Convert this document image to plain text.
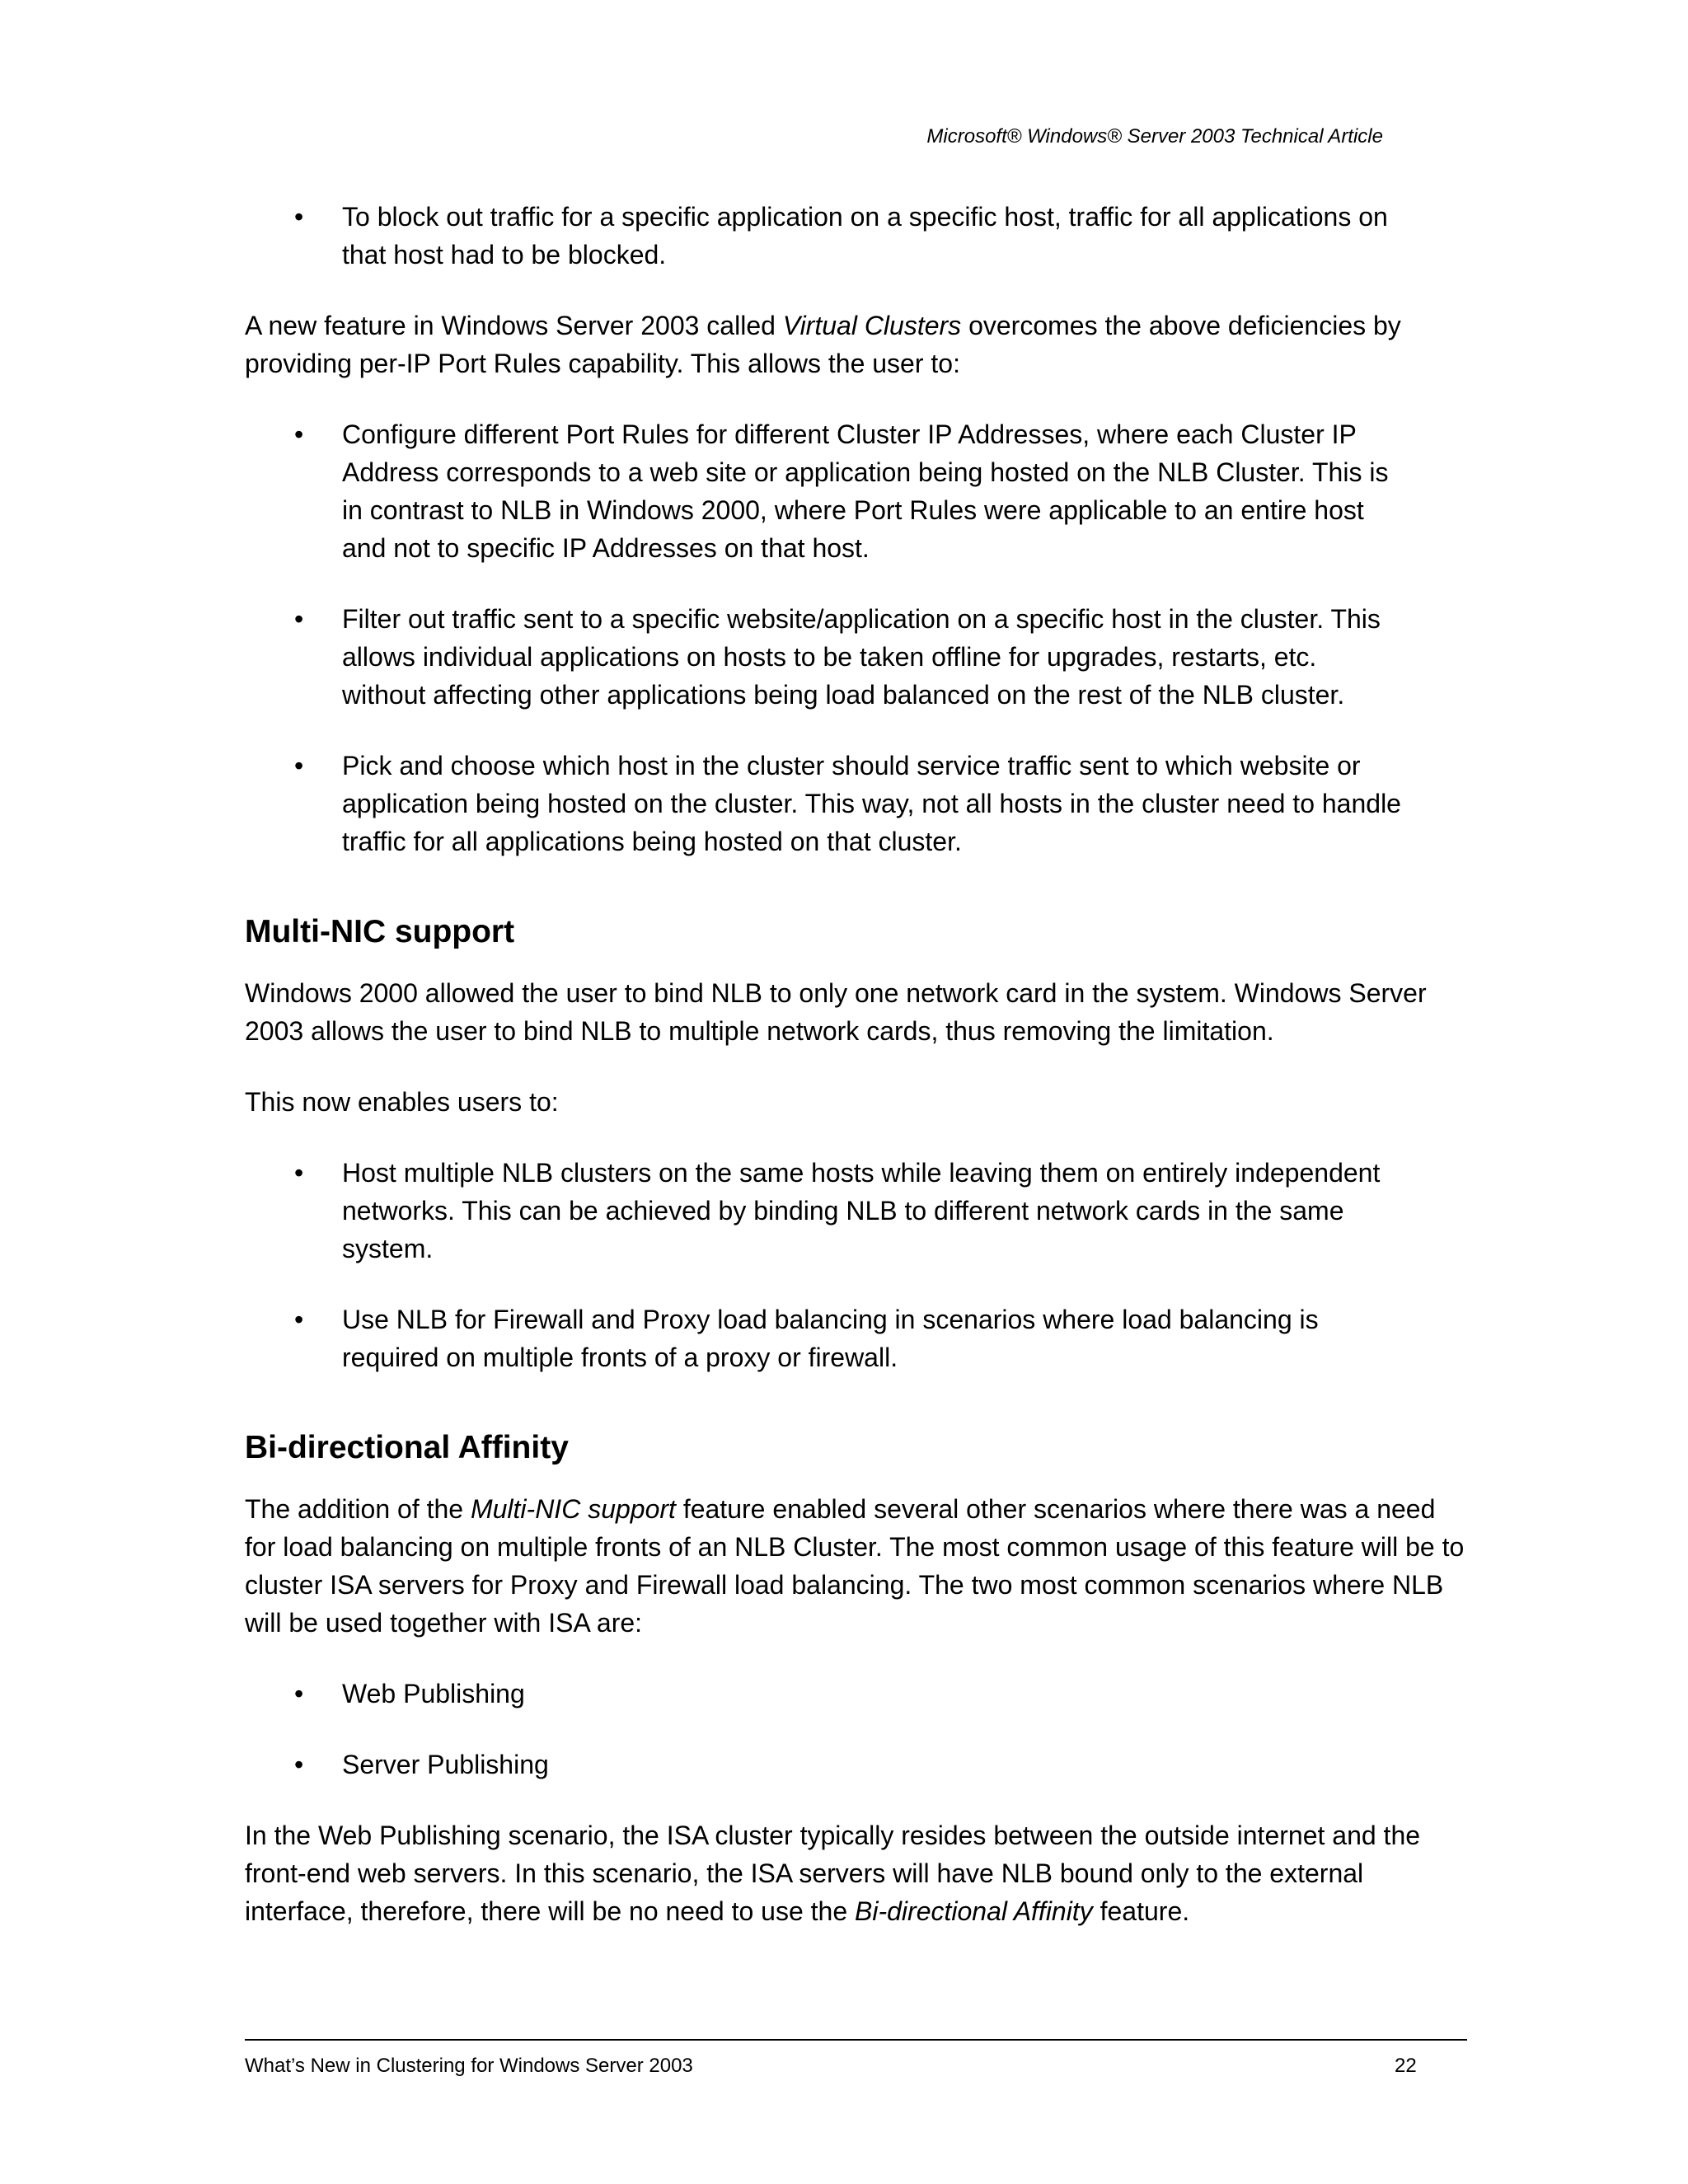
Microsoft® Windows® Server 2003 Technical Article
• To block out traffic for a specific application on a specific host, traffic for all applications on that host had to be blocked.

A new feature in Windows Server 2003 called Virtual Clusters overcomes the above deficiencies by providing per-IP Port Rules capability. This allows the user to:

• Configure different Port Rules for different Cluster IP Addresses, where each Cluster IP Address corresponds to a web site or application being hosted on the NLB Cluster. This is in contrast to NLB in Windows 2000, where Port Rules were applicable to an entire host and not to specific IP Addresses on that host.
• Filter out traffic sent to a specific website/application on a specific host in the cluster. This allows individual applications on hosts to be taken offline for upgrades, restarts, etc. without affecting other applications being load balanced on the rest of the NLB cluster.
• Pick and choose which host in the cluster should service traffic sent to which website or application being hosted on the cluster. This way, not all hosts in the cluster need to handle traffic for all applications being hosted on that cluster.
Multi-NIC support

Windows 2000 allowed the user to bind NLB to only one network card in the system. Windows Server 2003 allows the user to bind NLB to multiple network cards, thus removing the limitation.

This now enables users to:

• Host multiple NLB clusters on the same hosts while leaving them on entirely independent networks. This can be achieved by binding NLB to different network cards in the same system.
• Use NLB for Firewall and Proxy load balancing in scenarios where load balancing is required on multiple fronts of a proxy or firewall.
Bi-directional Affinity

The addition of the Multi-NIC support feature enabled several other scenarios where there was a need for load balancing on multiple fronts of an NLB Cluster. The most common usage of this feature will be to cluster ISA servers for Proxy and Firewall load balancing. The two most common scenarios where NLB will be used together with ISA are:

• Web Publishing
• Server Publishing

In the Web Publishing scenario, the ISA cluster typically resides between the outside internet and the front-end web servers. In this scenario, the ISA servers will have NLB bound only to the external interface, therefore, there will be no need to use the Bi-directional Affinity feature.

What’s New in Clustering for Windows Server 2003	22
